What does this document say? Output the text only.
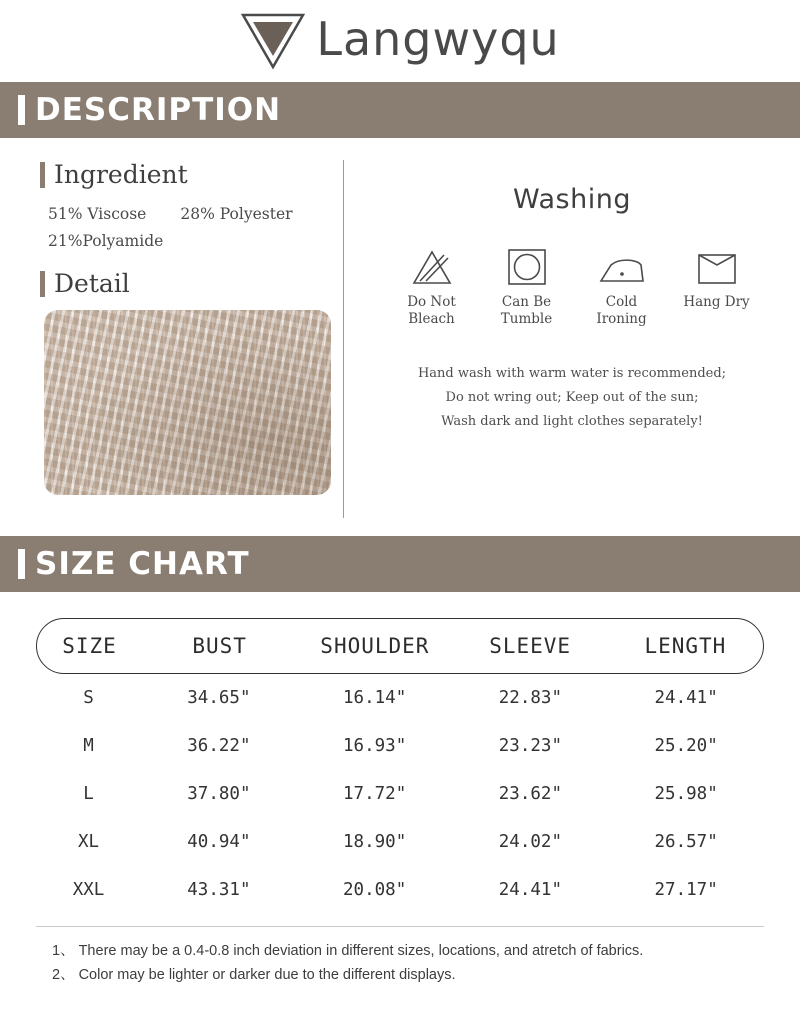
Langwyqu
DESCRIPTION
Ingredient
51% Viscose 28% Polyester
21%Polyamide
Detail
Washing
Do Not
Bleach
Can Be
Tumble
Cold
Ironing
Hang Dry
Hand wash with warm water is recommended;
Do not wring out; Keep out of the sun;
Wash dark and light clothes separately!
SIZE CHART
SIZE	BUST	SHOULDER	SLEEVE	LENGTH
S	34.65"	16.14"	22.83"	24.41"
M	36.22"	16.93"	23.23"	25.20"
L	37.80"	17.72"	23.62"	25.98"
XL	40.94"	18.90"	24.02"	26.57"
XXL	43.31"	20.08"	24.41"	27.17"
1、 There may be a 0.4-0.8 inch deviation in different sizes, locations, and atretch of fabrics.
2、 Color may be lighter or darker due to the different displays.
